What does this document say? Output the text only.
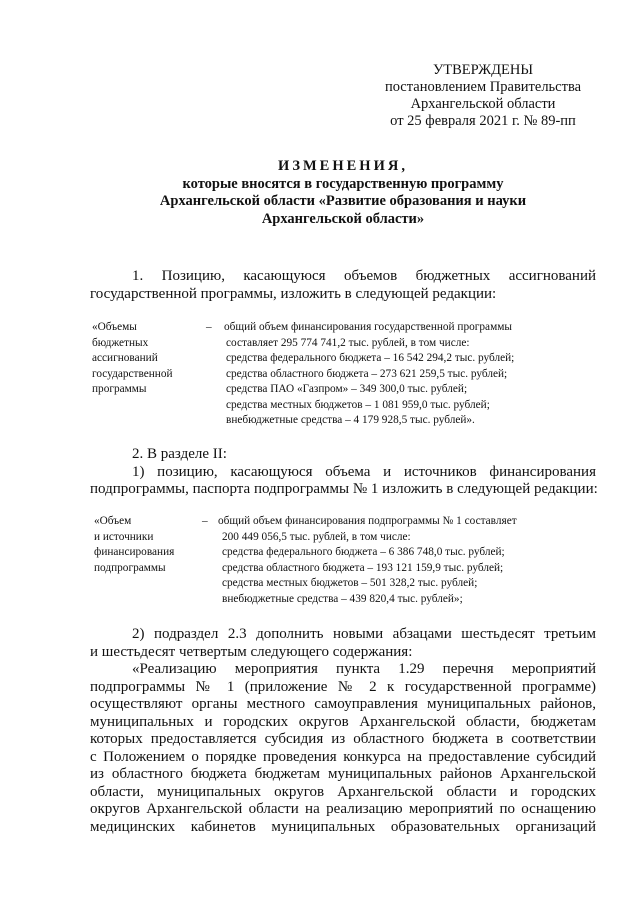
УТВЕРЖДЕНЫ
постановлением Правительства
Архангельской области
от 25 февраля 2021 г. № 89-пп
ИЗМЕНЕНИЯ,
которые вносятся в государственную программу
Архангельской области «Развитие образования и науки
Архангельской области»
1. Позицию, касающуюся объемов бюджетных ассигнований
государственной программы, изложить в следующей редакции:
«Объемы
бюджетных
ассигнований
государственной
программы
– общий объем финансирования государственной программы
составляет 295 774 741,2 тыс. рублей, в том числе:
средства федерального бюджета – 16 542 294,2 тыс. рублей;
средства областного бюджета – 273 621 259,5 тыс. рублей;
средства ПАО «Газпром» – 349 300,0 тыс. рублей;
средства местных бюджетов – 1 081 959,0 тыс. рублей;
внебюджетные средства – 4 179 928,5 тыс. рублей».
2. В разделе II:
1) позицию, касающуюся объема и источников финансирования
подпрограммы, паспорта подпрограммы № 1 изложить в следующей редакции:
«Объем
и источники
финансирования
подпрограммы
– общий объем финансирования подпрограммы № 1 составляет
200 449 056,5 тыс. рублей, в том числе:
средства федерального бюджета – 6 386 748,0 тыс. рублей;
средства областного бюджета – 193 121 159,9 тыс. рублей;
средства местных бюджетов – 501 328,2 тыс. рублей;
внебюджетные средства – 439 820,4 тыс. рублей»;
2) подраздел 2.3 дополнить новыми абзацами шестьдесят третьим
и шестьдесят четвертым следующего содержания:
«Реализацию мероприятия пункта 1.29 перечня мероприятий
подпрограммы № 1 (приложение № 2 к государственной программе)
осуществляют органы местного самоуправления муниципальных районов,
муниципальных и городских округов Архангельской области, бюджетам
которых предоставляется субсидия из областного бюджета в соответствии
с Положением о порядке проведения конкурса на предоставление субсидий
из областного бюджета бюджетам муниципальных районов Архангельской
области, муниципальных округов Архангельской области и городских
округов Архангельской области на реализацию мероприятий по оснащению
медицинских кабинетов муниципальных образовательных организаций
